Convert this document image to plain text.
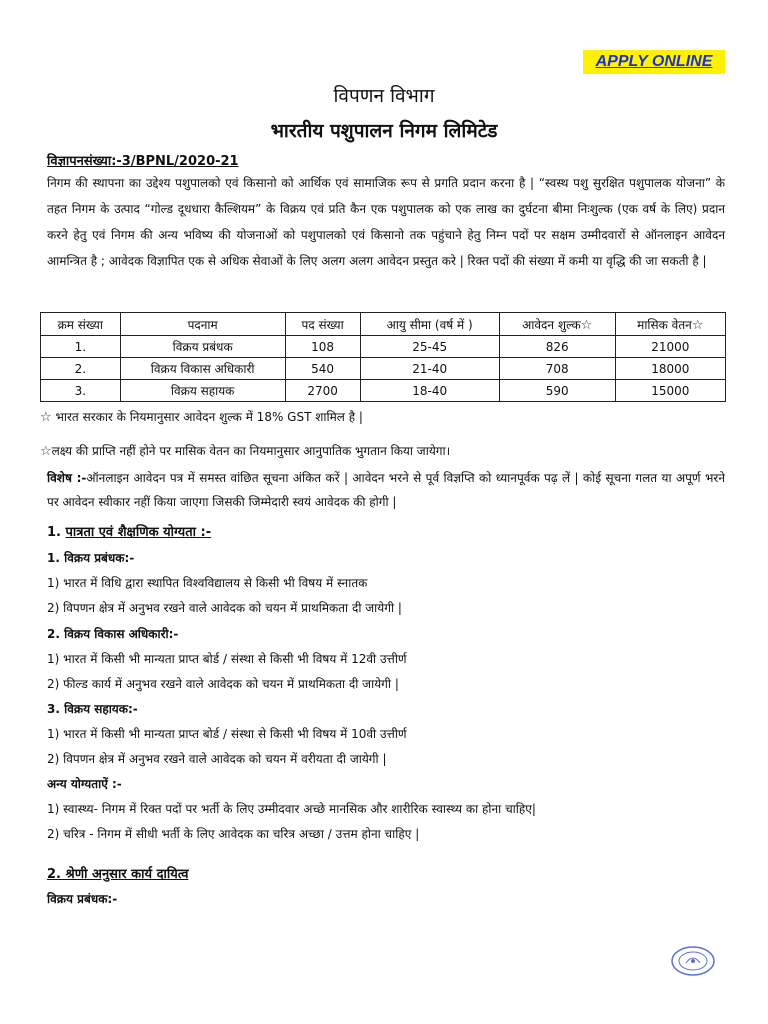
APPLY ONLINE
विपणन विभाग
भारतीय पशुपालन निगम लिमिटेड
विज्ञापनसंख्या:-3/BPNL/2020-21
निगम की स्थापना का उद्देश्य पशुपालको एवं किसानो को आर्थिक एवं सामाजिक रूप से प्रगति प्रदान करना है | “स्वस्थ पशु सुरक्षित पशुपालक योजना” के तहत निगम के उत्पाद “गोल्ड दूधधारा कैल्शियम” के विक्रय एवं प्रति कैन एक पशुपालक को एक लाख का दुर्घटना बीमा निःशुल्क (एक वर्ष के लिए) प्रदान करने हेतु एवं निगम की अन्य भविष्य की योजनाओं को पशुपालको एवं किसानो तक पहुंचाने हेतु निम्न पदों पर सक्षम उम्मीदवारों से ऑनलाइन आवेदन आमन्त्रित है ; आवेदक विज्ञापित एक से अधिक सेवाओं के लिए अलग अलग आवेदन प्रस्तुत करे | रिक्त पदों की संख्या में कमी या वृद्धि की जा सकती है |
क्रम संख्या	पदनाम	पद संख्या	आयु सीमा (वर्ष में )	आवेदन शुल्क☆	मासिक वेतन☆
1.	विक्रय प्रबंधक	108	25-45	826	21000
2.	विक्रय विकास अधिकारी	540	21-40	708	18000
3.	विक्रय सहायक	2700	18-40	590	15000
☆ भारत सरकार के नियमानुसार आवेदन शुल्क में 18% GST शामिल है |
☆लक्ष्य की प्राप्ति नहीं होने पर मासिक वेतन का नियमानुसार आनुपातिक भुगतान किया जायेगा।
विशेष :-ऑनलाइन आवेदन पत्र में समस्त वांछित सूचना अंकित करें | आवेदन भरने से पूर्व विज्ञप्ति को ध्यानपूर्वक पढ़ लें | कोई सूचना गलत या अपूर्ण भरने पर आवेदन स्वीकार नहीं किया जाएगा जिसकी जिम्मेदारी स्वयं आवेदक की होगी |
1. पात्रता एवं शैक्षणिक योग्यता :-
1. विक्रय प्रबंधक:-
1) भारत में विधि द्वारा स्थापित विश्वविद्यालय से किसी भी विषय में स्नातक
2) विपणन क्षेत्र में अनुभव रखने वाले आवेदक को चयन में प्राथमिकता दी जायेगी |
2. विक्रय विकास अधिकारी:-
1) भारत में किसी भी मान्यता प्राप्त बोर्ड / संस्था से किसी भी विषय में 12वी उत्तीर्ण
2) फील्ड कार्य में अनुभव रखने वाले आवेदक को चयन में प्राथमिकता दी जायेगी |
3. विक्रय सहायक:-
1) भारत में किसी भी मान्यता प्राप्त बोर्ड / संस्था से किसी भी विषय में 10वी उत्तीर्ण
2) विपणन क्षेत्र में अनुभव रखने वाले आवेदक को चयन में वरीयता दी जायेगी |
अन्य योग्यताऐं :-
1) स्वास्थ्य- निगम में रिक्त पदों पर भर्ती के लिए उम्मीदवार अच्छे मानसिक और शारीरिक स्वास्थ्य का होना चाहिए|
2) चरित्र - निगम में सीधी भर्ती के लिए आवेदक का चरित्र अच्छा / उत्तम होना चाहिए |
2. श्रेणी अनुसार कार्य दायित्व
विक्रय प्रबंधक:-
